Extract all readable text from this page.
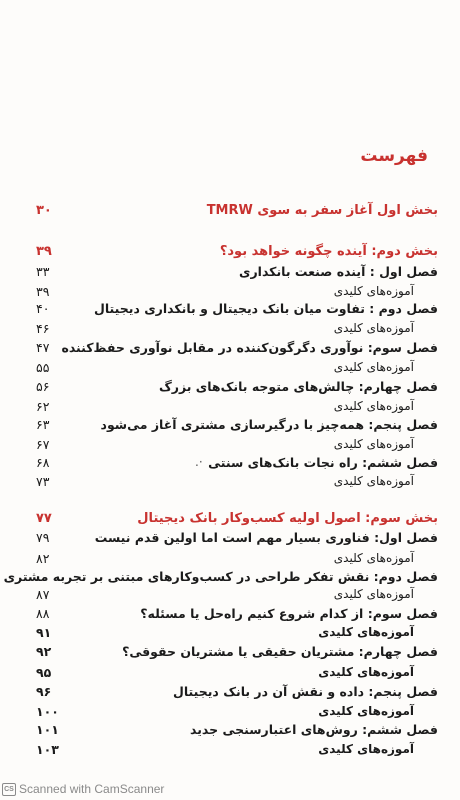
فهرست
بخش اول آغاز سفر به سوی TMRW
۳۰
بخش دوم: آینده چگونه خواهد بود؟
۳۹
فصل اول : آینده صنعت بانکداری
۳۳
آموزه‌های کلیدی
۳۹
فصل دوم : تفاوت میان بانک دیجیتال و بانکداری دیجیتال
۴۰
آموزه‌های کلیدی
۴۶
فصل سوم: نوآوری دگرگون‌کننده در مقابل نوآوری حفظ‌کننده
۴۷
آموزه‌های کلیدی
۵۵
فصل چهارم: چالش‌های متوجه بانک‌های بزرگ
۵۶
آموزه‌های کلیدی
۶۲
فصل پنجم: همه‌چیز با درگیرسازی مشتری آغاز می‌شود
۶۳
آموزه‌های کلیدی
۶۷
فصل ششم: راه نجات بانک‌های سنتی
۶۸
آموزه‌های کلیدی
۷۳
بخش سوم: اصول اولیه کسب‌وکار بانک دیجیتال
۷۷
فصل اول: فناوری بسیار مهم است اما اولین قدم نیست
۷۹
آموزه‌های کلیدی
۸۲
فصل دوم: نقش تفکر طراحی در کسب‌وکارهای مبتنی بر تجربه مشتری
آموزه‌های کلیدی
۸۷
فصل سوم: از کدام شروع کنیم راه‌حل یا مسئله؟
۸۸
آموزه‌های کلیدی
۹۱
فصل چهارم: مشتریان حقیقی یا مشتریان حقوقی؟
۹۲
آموزه‌های کلیدی
۹۵
فصل پنجم: داده و نقش آن در بانک دیجیتال
۹۶
آموزه‌های کلیدی
۱۰۰
فصل ششم: روش‌های اعتبارسنجی جدید
۱۰۱
آموزه‌های کلیدی
۱۰۳
.·
CS Scanned with CamScanner
